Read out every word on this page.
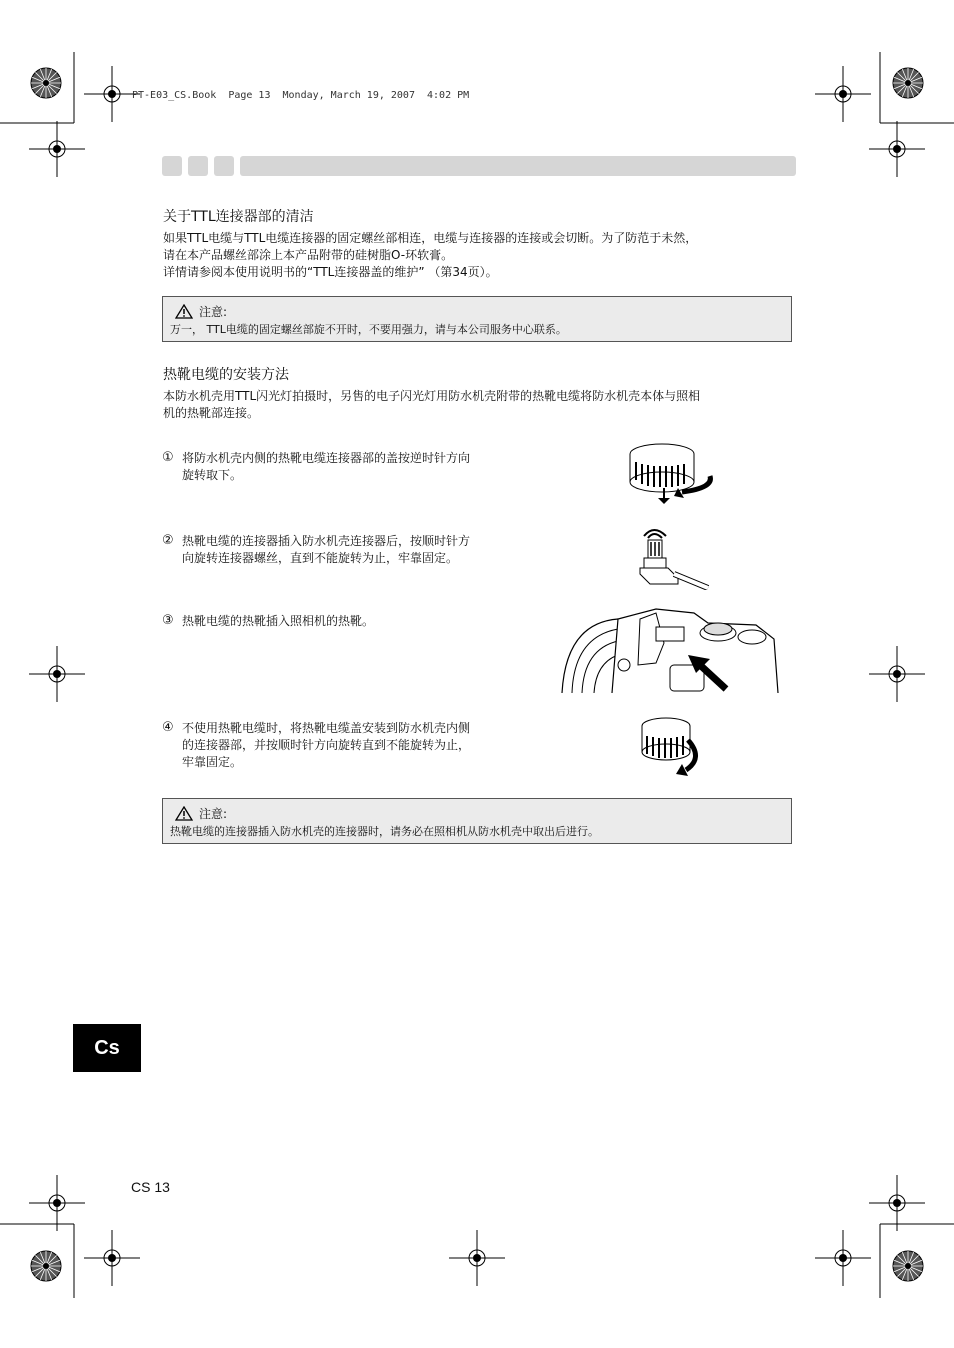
PT-E03_CS.Book  Page 13  Monday, March 19, 2007  4:02 PM
关于TTL连接器部的清洁
如果TTL电缆与TTL电缆连接器的固定螺丝部相连，电缆与连接器的连接或会切断。为了防范于未然，
请在本产品螺丝部涂上本产品附带的硅树脂O-环软膏。
详情请参阅本使用说明书的“TTL连接器盖的维护” （第34页）。
注意:
万一， TTL电缆的固定螺丝部旋不开时，不要用强力，请与本公司服务中心联系。
热靴电缆的安装方法
本防水机壳用TTL闪光灯拍摄时，另售的电子闪光灯用防水机壳附带的热靴电缆将防水机壳本体与照相
机的热靴部连接。
① 将防水机壳内侧的热靴电缆连接器部的盖按逆时针方向
旋转取下。
② 热靴电缆的连接器插入防水机壳连接器后，按顺时针方
向旋转连接器螺丝，直到不能旋转为止，牢靠固定。
③ 热靴电缆的热靴插入照相机的热靴。
④ 不使用热靴电缆时，将热靴电缆盖安装到防水机壳内侧
的连接器部，并按顺时针方向旋转直到不能旋转为止，
牢靠固定。
注意:
热靴电缆的连接器插入防水机壳的连接器时，请务必在照相机从防水机壳中取出后进行。
Cs
CS 13
